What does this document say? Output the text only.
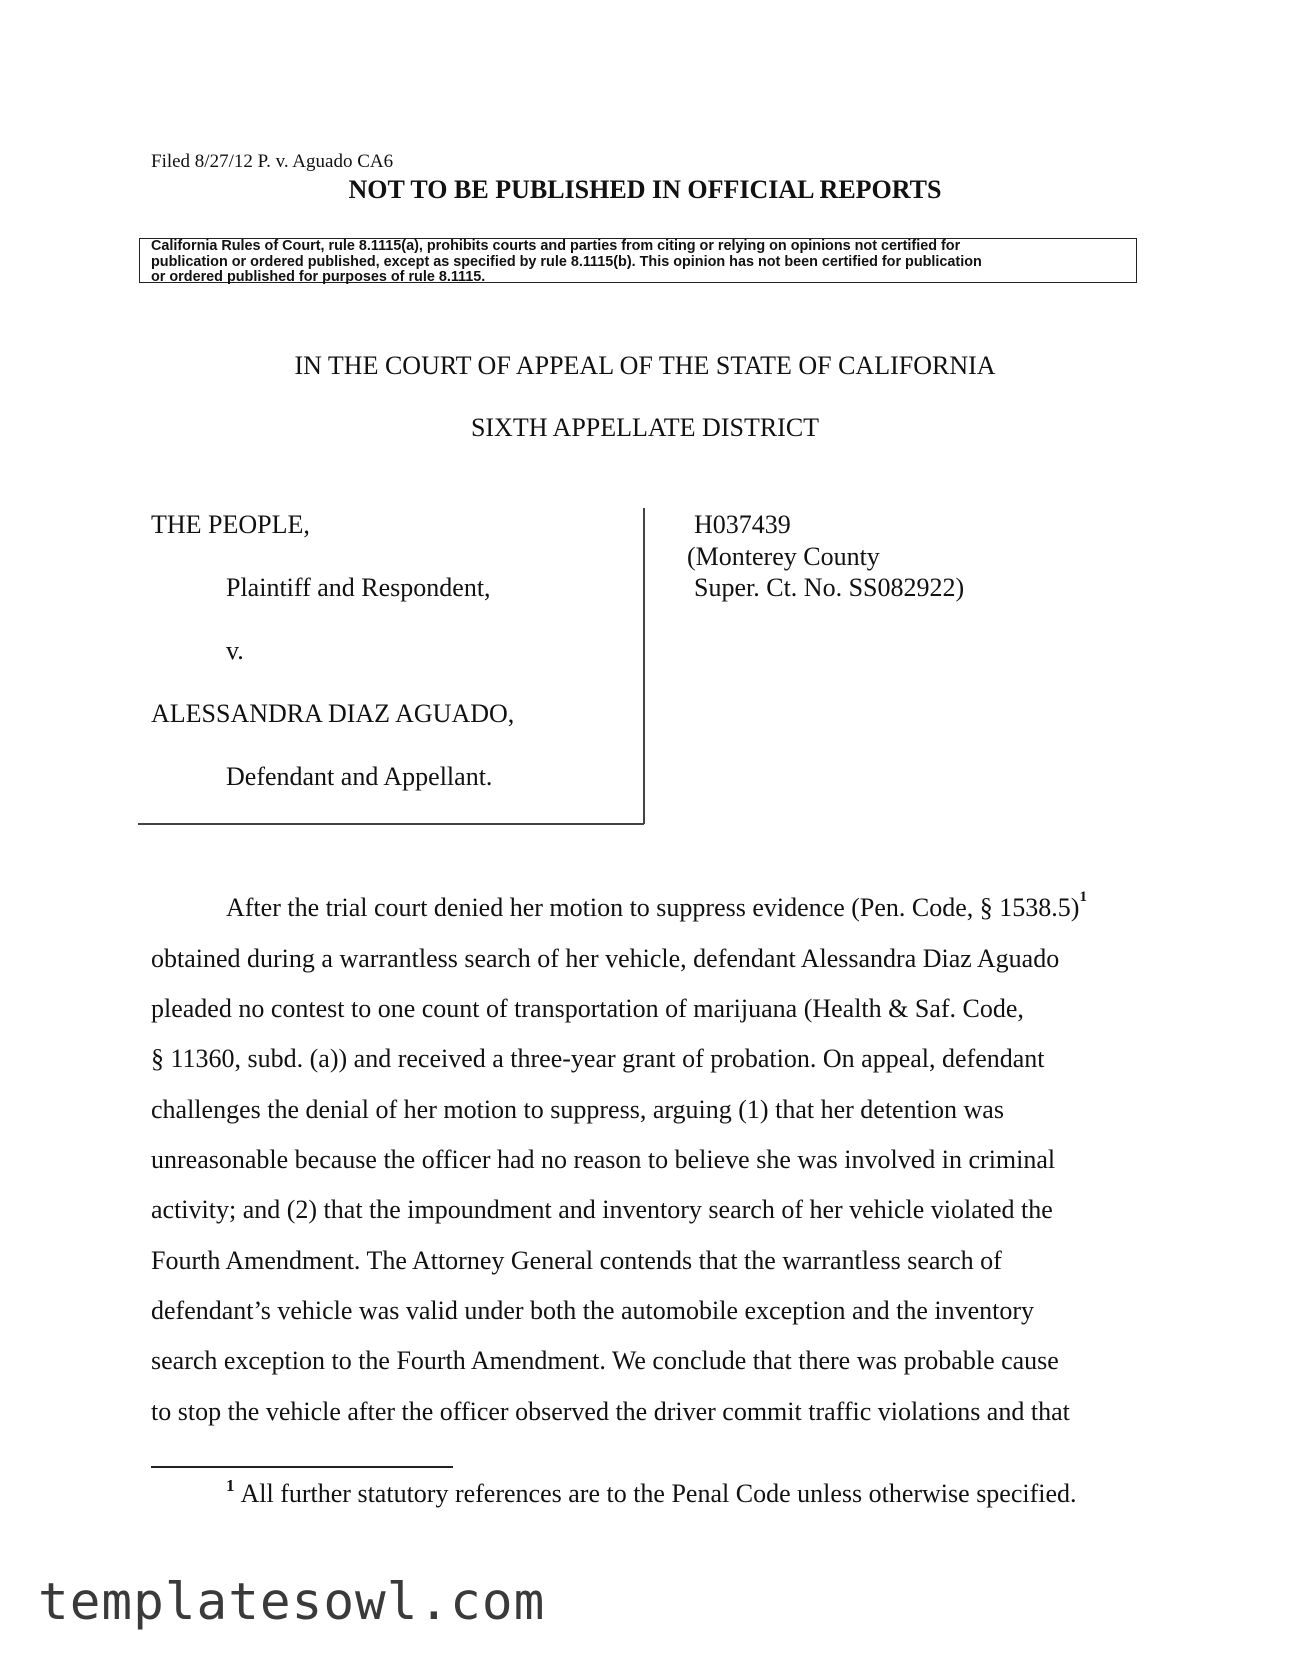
Filed 8/27/12 P. v. Aguado CA6
NOT TO BE PUBLISHED IN OFFICIAL REPORTS
California Rules of Court, rule 8.1115(a), prohibits courts and parties from citing or relying on opinions not certified for
publication or ordered published, except as specified by rule 8.1115(b). This opinion has not been certified for publication
or ordered published for purposes of rule 8.1115.
IN THE COURT OF APPEAL OF THE STATE OF CALIFORNIA
SIXTH APPELLATE DISTRICT
THE PEOPLE,
Plaintiff and Respondent,
v.
ALESSANDRA DIAZ AGUADO,
Defendant and Appellant.
H037439
(Monterey County
Super. Ct. No. SS082922)
After the trial court denied her motion to suppress evidence (Pen. Code, § 1538.5)$^1$
obtained during a warrantless search of her vehicle, defendant Alessandra Diaz Aguado
pleaded no contest to one count of transportation of marijuana (Health & Saf. Code,
§ 11360, subd. (a)) and received a three-year grant of probation. On appeal, defendant
challenges the denial of her motion to suppress, arguing (1) that her detention was
unreasonable because the officer had no reason to believe she was involved in criminal
activity; and (2) that the impoundment and inventory search of her vehicle violated the
Fourth Amendment. The Attorney General contends that the warrantless search of
defendant’s vehicle was valid under both the automobile exception and the inventory
search exception to the Fourth Amendment. We conclude that there was probable cause
to stop the vehicle after the officer observed the driver commit traffic violations and that
$^1$ All further statutory references are to the Penal Code unless otherwise specified.
templatesowl.com
